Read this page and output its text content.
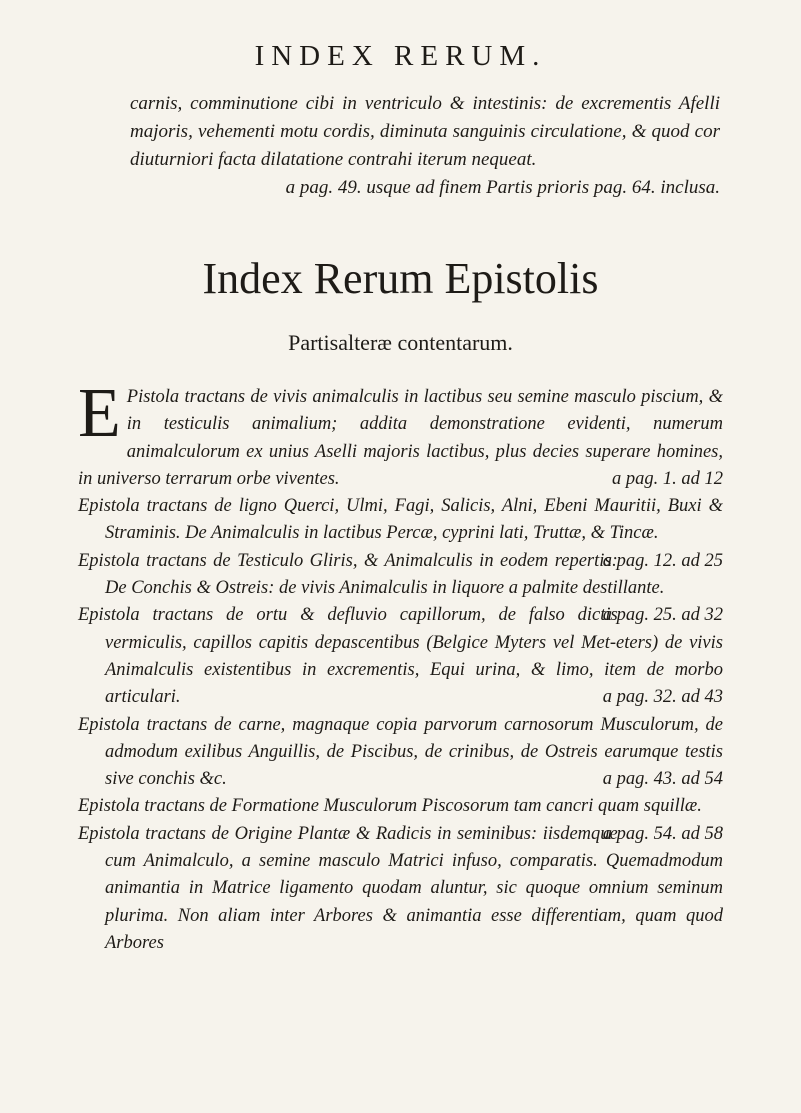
INDEX RERUM.
carnis, comminutione cibi in ventriculo & intestinis: de excrementis Afelli majoris, vehementi motu cordis, diminuta sanguinis circulatione, & quod cor diuturniori facta dilatatione contrahi iterum nequeat.
a pag. 49. usque ad finem Partis prioris pag. 64. inclusa.
Index Rerum Epistolis
Partisalteræ contentarum.

E Pistola tractans de vivis animalculis in lactibus seu semine masculo piscium, & in testiculis animalium; addita demonstratione evidenti, numerum animalculorum ex unius Aselli majoris lactibus, plus decies superare homines, in universo terrarum orbe viventes.	a pag. 1. ad 12

Epistola tractans de ligno Querci, Ulmi, Fagi, Salicis, Alni, Ebeni Mauritii, Buxi & Straminis. De Animalculis in lactibus Percæ, cyprini lati, Truttæ, & Tincæ.
a pag. 12. ad 25

Epistola tractans de Testiculo Gliris, & Animalculis in eodem repertis: De Conchis & Ostreis: de vivis Animalculis in liquore a palmite destillante.
a pag. 25. ad 32

Epistola tractans de ortu & defluvio capillorum, de falso dictis vermiculis, capillos capitis depascentibus (Belgice Myters vel Met-eters) de vivis Animalculis existentibus in excrementis, Equi urina, & limo, item de morbo articulari.	a pag. 32. ad 43

Epistola tractans de carne, magnaque copia parvorum carnosorum Musculorum, de admodum exilibus Anguillis, de Piscibus, de crinibus, de Ostreis earumque testis sive conchis &c.	a pag. 43. ad 54

Epistola tractans de Formatione Musculorum Piscosorum tam cancri quam squillæ.
a pag. 54. ad 58

Epistola tractans de Origine Plantæ & Radicis in seminibus: iisdemque cum Animalculo, a semine masculo Matrici infuso, comparatis. Quemadmodum animantia in Matrice ligamento quodam aluntur, sic quoque omnium seminum plurima. Non aliam inter Arbores & animantia esse differentiam, quam quod Arbores
